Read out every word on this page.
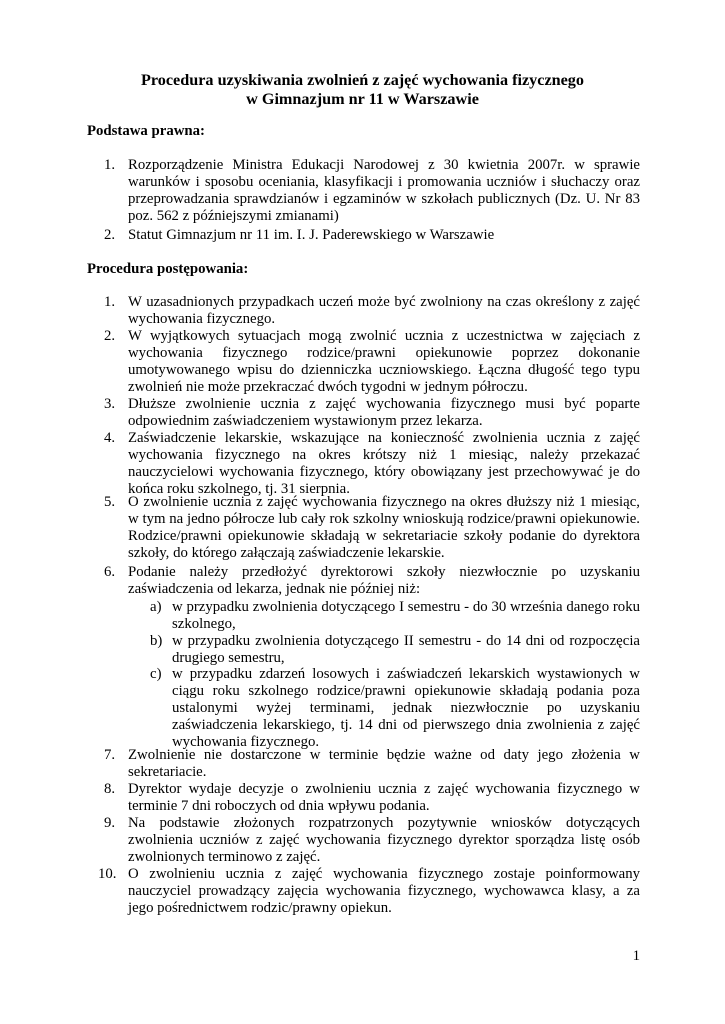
Procedura uzyskiwania zwolnień z zajęć wychowania fizycznego
w Gimnazjum nr 11 w Warszawie
Podstawa prawna:
1. Rozporządzenie Ministra Edukacji Narodowej z 30 kwietnia 2007r. w sprawie warunków i sposobu oceniania, klasyfikacji i promowania uczniów i słuchaczy oraz przeprowadzania sprawdzianów i egzaminów w szkołach publicznych (Dz. U. Nr 83 poz. 562 z późniejszymi zmianami)
2. Statut Gimnazjum nr 11 im. I. J. Paderewskiego w Warszawie
Procedura postępowania:
1. W uzasadnionych przypadkach uczeń może być zwolniony na czas określony z zajęć wychowania fizycznego.
2. W wyjątkowych sytuacjach mogą zwolnić ucznia z uczestnictwa w zajęciach z wychowania fizycznego rodzice/prawni opiekunowie poprzez dokonanie umotywowanego wpisu do dzienniczka uczniowskiego. Łączna długość tego typu zwolnień nie może przekraczać dwóch tygodni w jednym półroczu.
3. Dłuższe zwolnienie ucznia z zajęć wychowania fizycznego musi być poparte odpowiednim zaświadczeniem wystawionym przez lekarza.
4. Zaświadczenie lekarskie, wskazujące na konieczność zwolnienia ucznia z zajęć wychowania fizycznego na okres krótszy niż 1 miesiąc, należy przekazać nauczycielowi wychowania fizycznego, który obowiązany jest przechowywać je do końca roku szkolnego, tj. 31 sierpnia.
5. O zwolnienie ucznia z zajęć wychowania fizycznego na okres dłuższy niż 1 miesiąc, w tym na jedno półrocze lub cały rok szkolny wnioskują rodzice/prawni opiekunowie. Rodzice/prawni opiekunowie składają w sekretariacie szkoły podanie do dyrektora szkoły, do którego załączają zaświadczenie lekarskie.
6. Podanie należy przedłożyć dyrektorowi szkoły niezwłocznie po uzyskaniu zaświadczenia od lekarza, jednak nie później niż:
a) w przypadku zwolnienia dotyczącego I semestru - do 30 września danego roku szkolnego,
b) w przypadku zwolnienia dotyczącego II semestru - do 14 dni od rozpoczęcia drugiego semestru,
c) w przypadku zdarzeń losowych i zaświadczeń lekarskich wystawionych w ciągu roku szkolnego rodzice/prawni opiekunowie składają podania poza ustalonymi wyżej terminami, jednak niezwłocznie po uzyskaniu zaświadczenia lekarskiego, tj. 14 dni od pierwszego dnia zwolnienia z zajęć wychowania fizycznego.
7. Zwolnienie nie dostarczone w terminie będzie ważne od daty jego złożenia w sekretariacie.
8. Dyrektor wydaje decyzje o zwolnieniu ucznia z zajęć wychowania fizycznego w terminie 7 dni roboczych od dnia wpływu podania.
9. Na podstawie złożonych rozpatrzonych pozytywnie wniosków dotyczących zwolnienia uczniów z zajęć wychowania fizycznego dyrektor sporządza listę osób zwolnionych terminowo z zajęć.
10. O zwolnieniu ucznia z zajęć wychowania fizycznego zostaje poinformowany nauczyciel prowadzący zajęcia wychowania fizycznego, wychowawca klasy, a za jego pośrednictwem rodzic/prawny opiekun.
1
